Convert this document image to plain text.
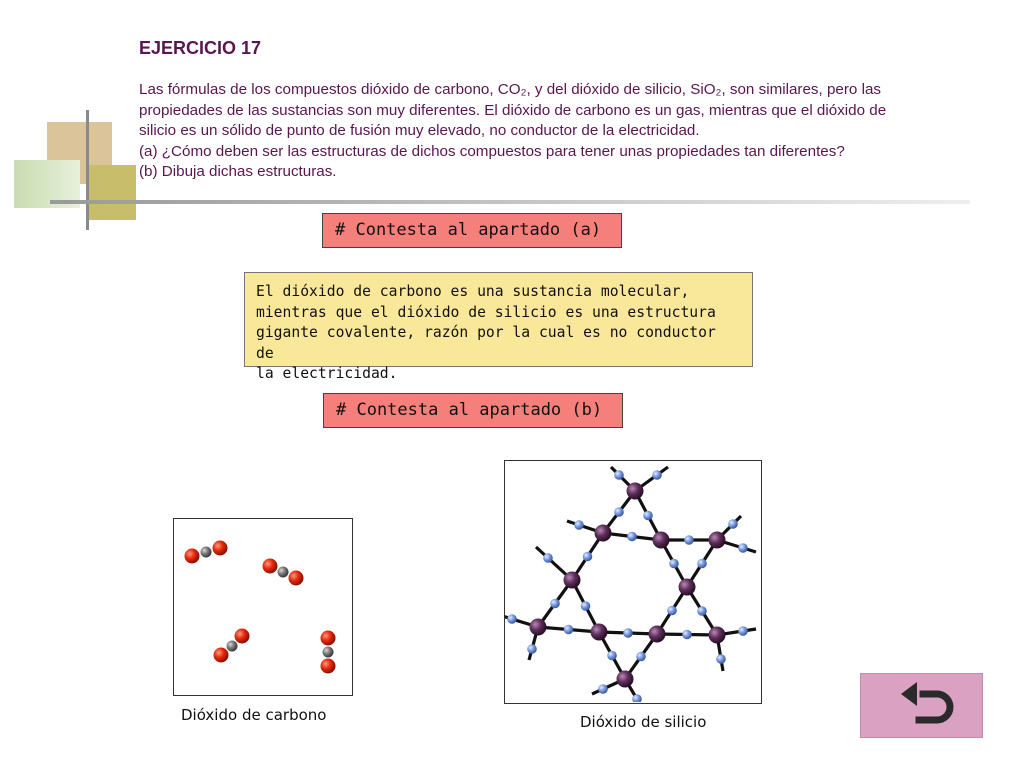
EJERCICIO 17

Las fórmulas de los compuestos dióxido de carbono, CO₂, y del dióxido de silicio, SiO₂, son similares, pero las

propiedades de las sustancias son muy diferentes. El dióxido de carbono es un gas, mientras que el dióxido de

silicio es un sólido de punto de fusión muy elevado, no conductor de la electricidad.

(a) ¿Cómo deben ser las estructuras de dichos compuestos para tener unas propiedades tan diferentes?

(b) Dibuja dichas estructuras.

# Contesta al apartado (a)
El dióxido de carbono es una sustancia molecular,
mientras que el dióxido de silicio es una estructura
gigante covalente, razón por la cual es no conductor de
la electricidad.
# Contesta al apartado (b)
Dióxido de carbono	Dióxido de silicio
